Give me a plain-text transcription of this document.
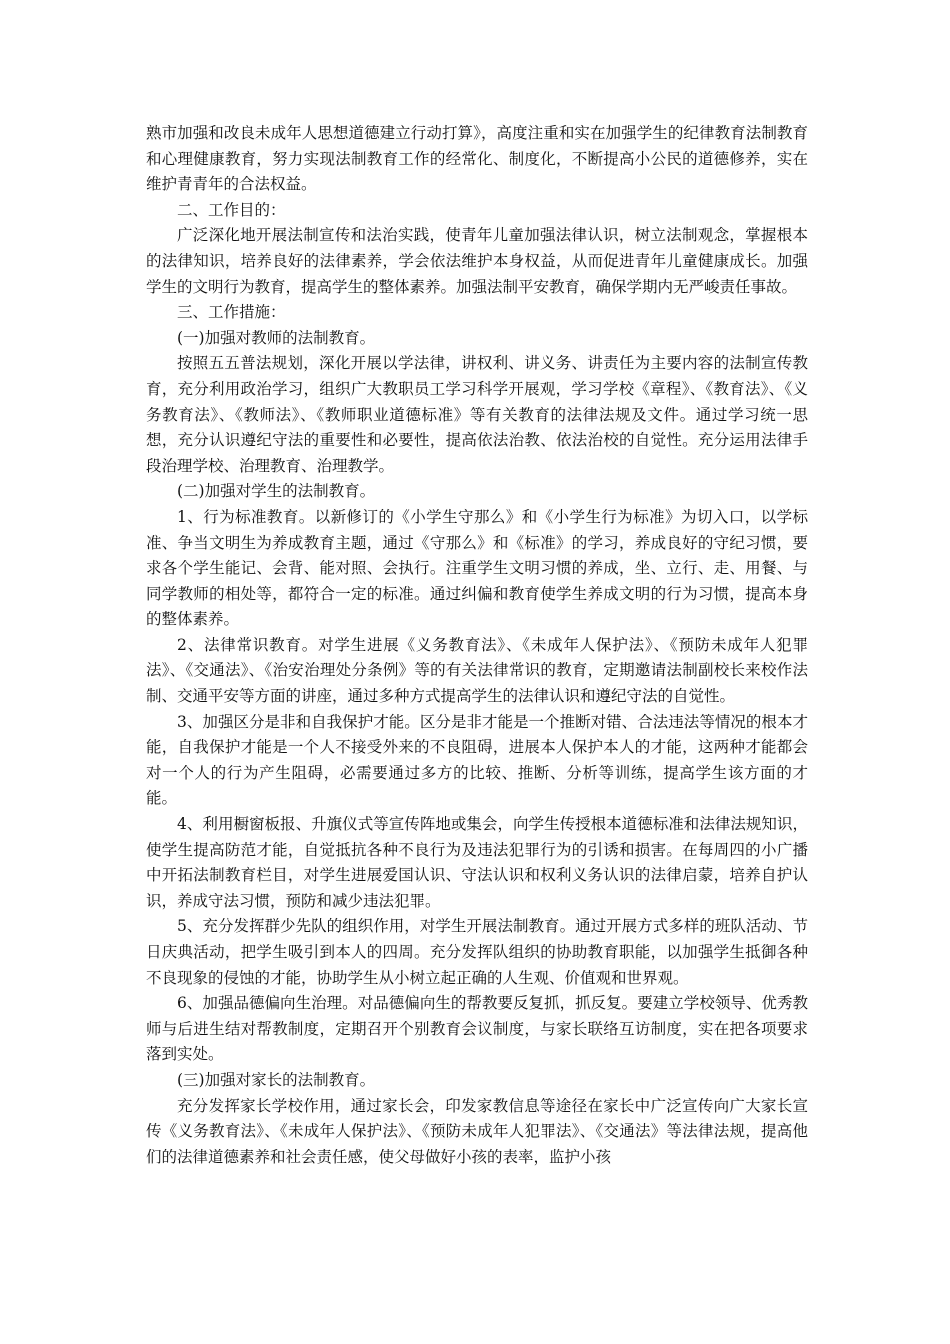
熟市加强和改良未成年人思想道德建立行动打算》，高度注重和实在加强学生的纪律教育法制教育和心理健康教育，努力实现法制教育工作的经常化、制度化，不断提高小公民的道德修养，实在维护青青年的合法权益。

二、工作目的：

广泛深化地开展法制宣传和法治实践，使青年儿童加强法律认识，树立法制观念，掌握根本的法律知识，培养良好的法律素养，学会依法维护本身权益，从而促进青年儿童健康成长。加强学生的文明行为教育，提高学生的整体素养。加强法制平安教育，确保学期内无严峻责任事故。

三、工作措施：

(一)加强对教师的法制教育。

按照五五普法规划，深化开展以学法律，讲权利、讲义务、讲责任为主要内容的法制宣传教育，充分利用政治学习，组织广大教职员工学习科学开展观，学习学校《章程》、《教育法》、《义务教育法》、《教师法》、《教师职业道德标准》等有关教育的法律法规及文件。通过学习统一思想，充分认识遵纪守法的重要性和必要性，提高依法治教、依法治校的自觉性。充分运用法律手段治理学校、治理教育、治理教学。

(二)加强对学生的法制教育。

1、行为标准教育。以新修订的《小学生守那么》和《小学生行为标准》为切入口，以学标准、争当文明生为养成教育主题，通过《守那么》和《标准》的学习，养成良好的守纪习惯，要求各个学生能记、会背、能对照、会执行。注重学生文明习惯的养成，坐、立行、走、用餐、与同学教师的相处等，都符合一定的标准。通过纠偏和教育使学生养成文明的行为习惯，提高本身的整体素养。

2、法律常识教育。对学生进展《义务教育法》、《未成年人保护法》、《预防未成年人犯罪法》、《交通法》、《治安治理处分条例》等的有关法律常识的教育，定期邀请法制副校长来校作法制、交通平安等方面的讲座，通过多种方式提高学生的法律认识和遵纪守法的自觉性。

3、加强区分是非和自我保护才能。区分是非才能是一个推断对错、合法违法等情况的根本才能，自我保护才能是一个人不接受外来的不良阻碍，进展本人保护本人的才能，这两种才能都会对一个人的行为产生阻碍，必需要通过多方的比较、推断、分析等训练，提高学生该方面的才能。

4、利用橱窗板报、升旗仪式等宣传阵地或集会，向学生传授根本道德标准和法律法规知识，使学生提高防范才能，自觉抵抗各种不良行为及违法犯罪行为的引诱和损害。在每周四的小广播中开拓法制教育栏目，对学生进展爱国认识、守法认识和权利义务认识的法律启蒙，培养自护认识，养成守法习惯，预防和减少违法犯罪。

5、充分发挥群少先队的组织作用，对学生开展法制教育。通过开展方式多样的班队活动、节日庆典活动，把学生吸引到本人的四周。充分发挥队组织的协助教育职能，以加强学生抵御各种不良现象的侵蚀的才能，协助学生从小树立起正确的人生观、价值观和世界观。

6、加强品德偏向生治理。对品德偏向生的帮教要反复抓，抓反复。要建立学校领导、优秀教师与后进生结对帮教制度，定期召开个别教育会议制度，与家长联络互访制度，实在把各项要求落到实处。

(三)加强对家长的法制教育。

充分发挥家长学校作用，通过家长会，印发家教信息等途径在家长中广泛宣传向广大家长宣传《义务教育法》、《未成年人保护法》、《预防未成年人犯罪法》、《交通法》等法律法规，提高他们的法律道德素养和社会责任感，使父母做好小孩的表率，监护小孩
